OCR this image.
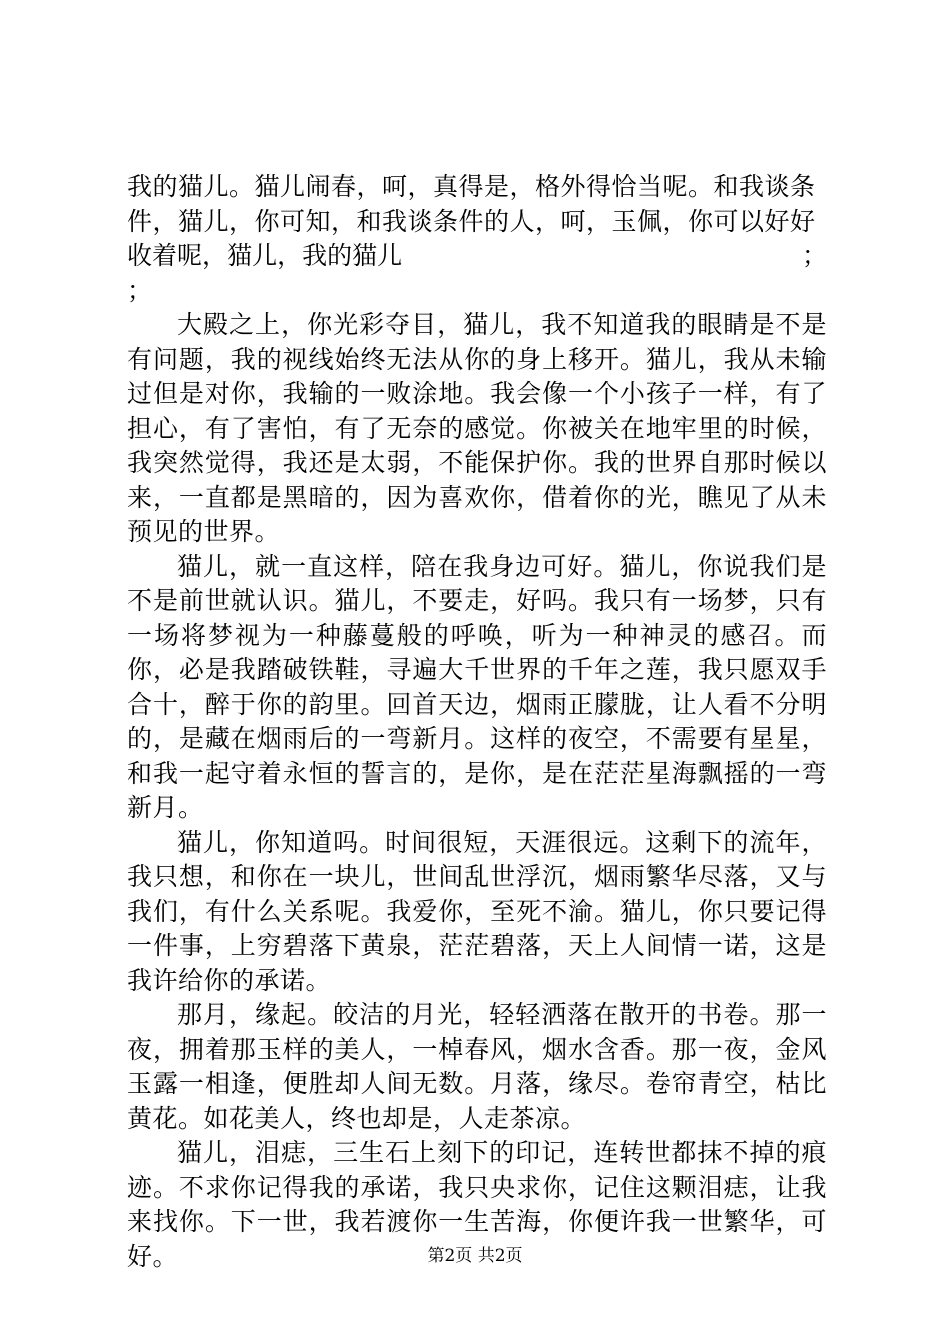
我的猫儿。猫儿闹春，呵，真得是，格外得恰当呢。和我谈条

件，猫儿，你可知，和我谈条件的人，呵，玉佩，你可以好好

收 着 呢 ， 猫 儿 ， 我 的 猫 儿	；

；

大殿之上，你光彩夺目，猫儿，我不知道我的眼睛是不是有问题，我的视线始终无法从你的身上移开。猫儿，我从未输过但是对你，我输的一败涂地。我会像一个小孩子一样，有了担心，有了害怕，有了无奈的感觉。你被关在地牢里的时候，我突然觉得，我还是太弱，不能保护你。我的世界自那时候以来，一直都是黑暗的，因为喜欢你，借着你的光，瞧见了从未预见的世界。

猫儿，就一直这样，陪在我身边可好。猫儿，你说我们是不是前世就认识。猫儿，不要走，好吗。我只有一场梦，只有一场将梦视为一种藤蔓般的呼唤，听为一种神灵的感召。而你，必是我踏破铁鞋，寻遍大千世界的千年之莲，我只愿双手合十，醉于你的韵里。回首天边，烟雨正朦胧，让人看不分明的，是藏在烟雨后的一弯新月。这样的夜空，不需要有星星，和我一起守着永恒的誓言的，是你，是在茫茫星海飘摇的一弯新月。

猫儿，你知道吗。时间很短，天涯很远。这剩下的流年，我只想，和你在一块儿，世间乱世浮沉，烟雨繁华尽落，又与我们，有什么关系呢。我爱你，至死不渝。猫儿，你只要记得一件事，上穷碧落下黄泉，茫茫碧落，天上人间情一诺，这是我许给你的承诺。

那月，缘起。皎洁的月光，轻轻洒落在散开的书卷。那一夜，拥着那玉样的美人，一棹春风，烟水含香。那一夜，金风玉露一相逢，便胜却人间无数。月落，缘尽。卷帘青空，枯比黄花。如花美人，终也却是，人走茶凉。

猫儿，泪痣，三生石上刻下的印记，连转世都抹不掉的痕迹。不求你记得我的承诺，我只央求你，记住这颗泪痣，让我来找你。下一世，我若渡你一生苦海，你便许我一世繁华，可好。	第2页 共2页
